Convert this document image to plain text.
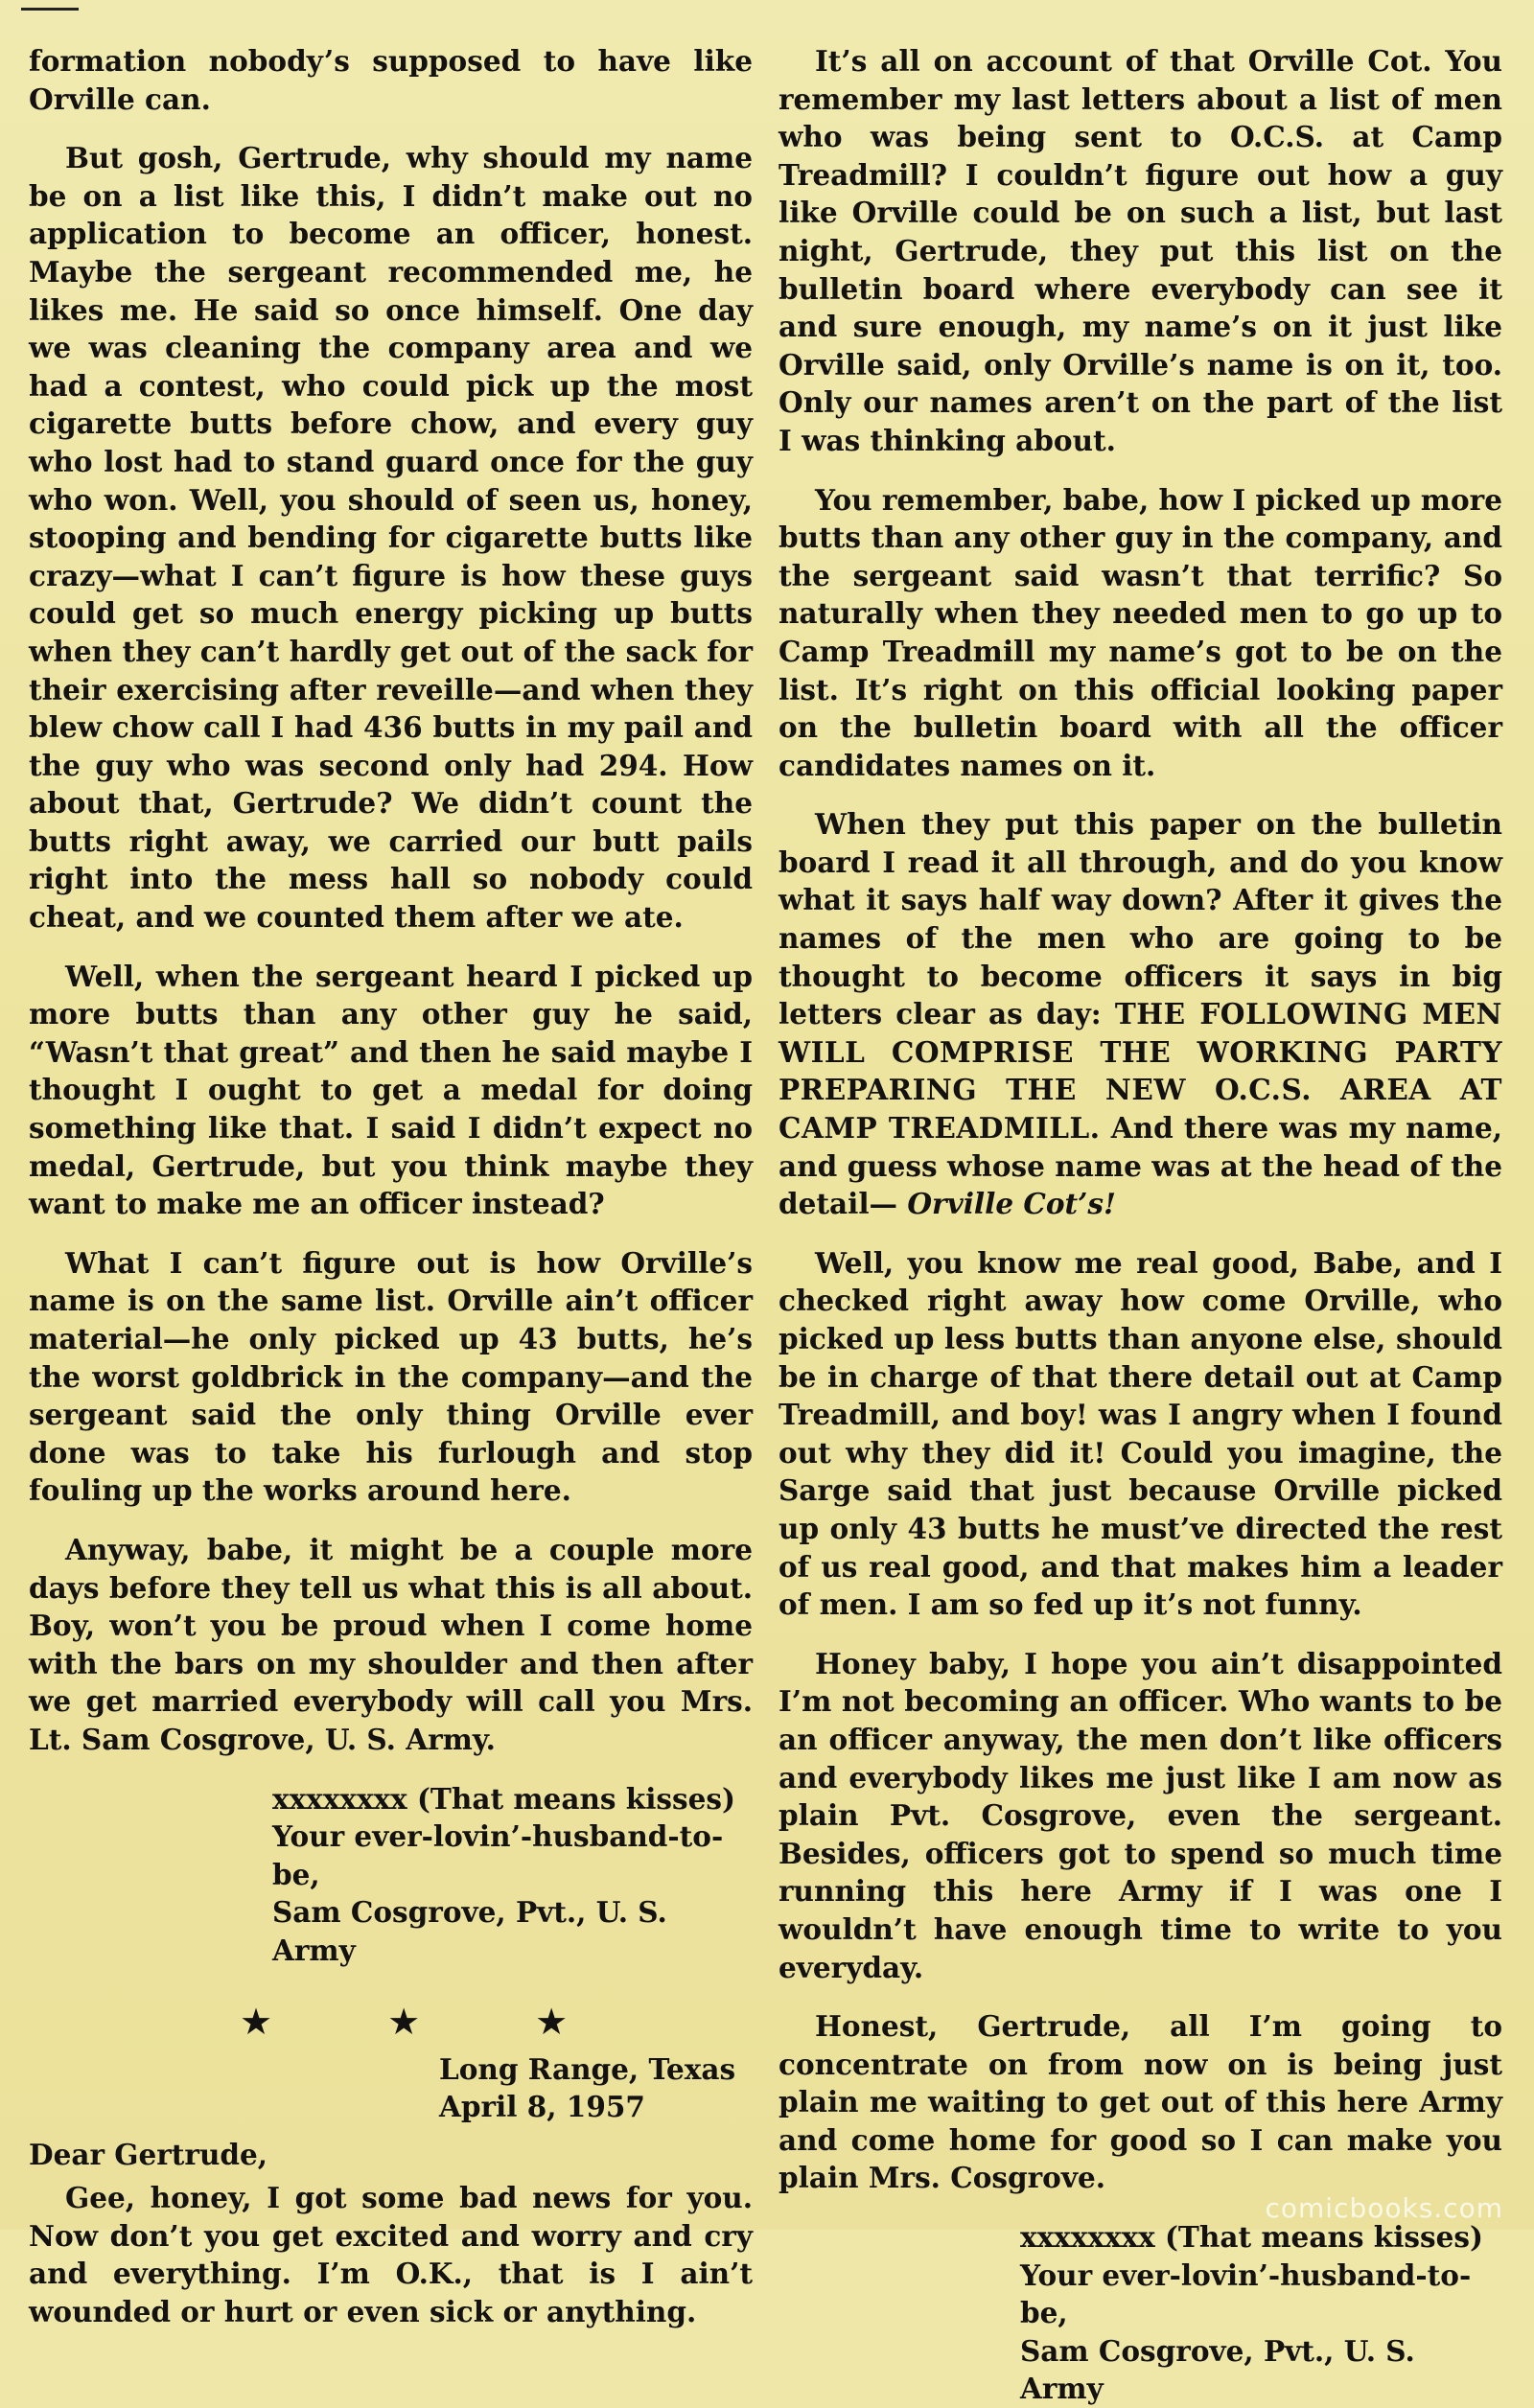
formation nobody’s supposed to have like Orville can.

But gosh, Gertrude, why should my name be on a list like this, I didn’t make out no application to become an officer, honest. Maybe the sergeant recommended me, he likes me. He said so once himself. One day we was cleaning the company area and we had a contest, who could pick up the most cigarette butts before chow, and every guy who lost had to stand guard once for the guy who won. Well, you should of seen us, honey, stooping and bending for cigarette butts like crazy—what I can’t figure is how these guys could get so much energy picking up butts when they can’t hardly get out of the sack for their exercising after reveille—and when they blew chow call I had 436 butts in my pail and the guy who was second only had 294. How about that, Gertrude? We didn’t count the butts right away, we carried our butt pails right into the mess hall so nobody could cheat, and we counted them after we ate.

Well, when the sergeant heard I picked up more butts than any other guy he said, “Wasn’t that great” and then he said maybe I thought I ought to get a medal for doing something like that. I said I didn’t expect no medal, Gertrude, but you think maybe they want to make me an officer instead?

What I can’t figure out is how Orville’s name is on the same list. Orville ain’t officer material—he only picked up 43 butts, he’s the worst goldbrick in the company—and the sergeant said the only thing Orville ever done was to take his furlough and stop fouling up the works around here.

Anyway, babe, it might be a couple more days before they tell us what this is all about. Boy, won’t you be proud when I come home with the bars on my shoulder and then after we get married everybody will call you Mrs. Lt. Sam Cosgrove, U. S. Army.

xxxxxxxx (That means kisses)
Your ever-lovin’-husband-to-be,
Sam Cosgrove, Pvt., U. S. Army
★	★	★
Long Range, Texas
April 8, 1957
Dear Gertrude,

Gee, honey, I got some bad news for you. Now don’t you get excited and worry and cry and everything. I’m O.K., that is I ain’t wounded or hurt or even sick or anything.

It’s all on account of that Orville Cot. You remember my last letters about a list of men who was being sent to O.C.S. at Camp Treadmill? I couldn’t figure out how a guy like Orville could be on such a list, but last night, Gertrude, they put this list on the bulletin board where everybody can see it and sure enough, my name’s on it just like Orville said, only Orville’s name is on it, too. Only our names aren’t on the part of the list I was thinking about.

You remember, babe, how I picked up more butts than any other guy in the company, and the sergeant said wasn’t that terrific? So naturally when they needed men to go up to Camp Treadmill my name’s got to be on the list. It’s right on this official looking paper on the bulletin board with all the officer candidates names on it.

When they put this paper on the bulletin board I read it all through, and do you know what it says half way down? After it gives the names of the men who are going to be thought to become officers it says in big letters clear as day: THE FOLLOWING MEN WILL COMPRISE THE WORKING PARTY PREPARING THE NEW O.C.S. AREA AT CAMP TREADMILL. And there was my name, and guess whose name was at the head of the detail— Orville Cot’s!

Well, you know me real good, Babe, and I checked right away how come Orville, who picked up less butts than anyone else, should be in charge of that there detail out at Camp Treadmill, and boy! was I angry when I found out why they did it! Could you imagine, the Sarge said that just because Orville picked up only 43 butts he must’ve directed the rest of us real good, and that makes him a leader of men. I am so fed up it’s not funny.

Honey baby, I hope you ain’t disappointed I’m not becoming an officer. Who wants to be an officer anyway, the men don’t like officers and everybody likes me just like I am now as plain Pvt. Cosgrove, even the sergeant. Besides, officers got to spend so much time running this here Army if I was one I wouldn’t have enough time to write to you everyday.

Honest, Gertrude, all I’m going to concentrate on from now on is being just plain me waiting to get out of this here Army and come home for good so I can make you plain Mrs. Cosgrove.

xxxxxxxx (That means kisses)
Your ever-lovin’-husband-to-be,
Sam Cosgrove, Pvt., U. S. Army
comicbooks.com
